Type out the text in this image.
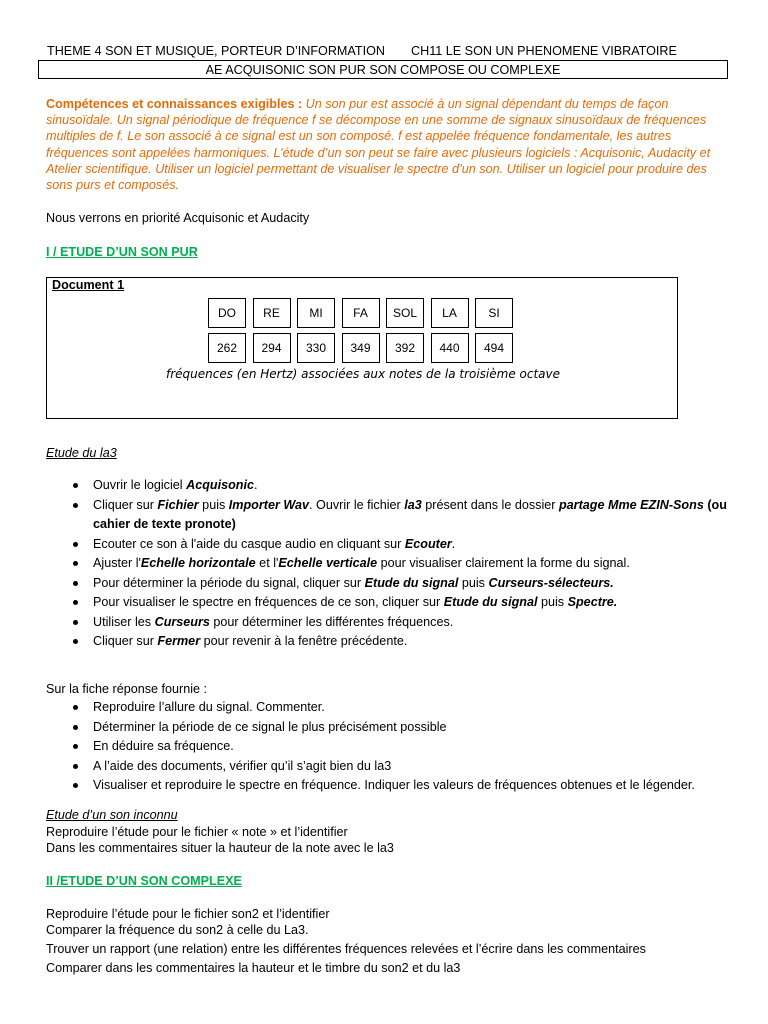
THEME 4 SON ET MUSIQUE, PORTEUR D’INFORMATION CH11 LE SON UN PHENOMENE VIBRATOIRE
AE ACQUISONIC SON PUR SON COMPOSE OU COMPLEXE
Compétences et connaissances exigibles : Un son pur est associé à un signal dépendant du temps de façon sinusoïdale. Un signal périodique de fréquence f se décompose en une somme de signaux sinusoïdaux de fréquences multiples de f. Le son associé à ce signal est un son composé. f est appelée fréquence fondamentale, les autres fréquences sont appelées harmoniques. L’étude d’un son peut se faire avec plusieurs logiciels : Acquisonic, Audacity et Atelier scientifique. Utiliser un logiciel permettant de visualiser le spectre d’un son. Utiliser un logiciel pour produire des sons purs et composés.
Nous verrons en priorité Acquisonic et Audacity
I / ETUDE D’UN SON PUR
Document 1
DO	RE	MI	FA	SOL	LA	SI
262	294	330	349	392	440	494
fréquences (en Hertz) associées aux notes de la troisième octave
Etude du la3
Ouvrir le logiciel Acquisonic.
Cliquer sur Fichier puis Importer Wav. Ouvrir le fichier la3 présent dans le dossier partage Mme EZIN-Sons (ou cahier de texte pronote)
Ecouter ce son à l'aide du casque audio en cliquant sur Ecouter.
Ajuster l'Echelle horizontale et l'Echelle verticale pour visualiser clairement la forme du signal.
Pour déterminer la période du signal, cliquer sur Etude du signal puis Curseurs-sélecteurs.
Pour visualiser le spectre en fréquences de ce son, cliquer sur Etude du signal puis Spectre.
Utiliser les Curseurs pour déterminer les différentes fréquences.
Cliquer sur Fermer pour revenir à la fenêtre précédente.
Sur la fiche réponse fournie :
Reproduire l’allure du signal. Commenter.
Déterminer la période de ce signal le plus précisément possible
En déduire sa fréquence.
A l’aide des documents, vérifier qu’il s’agit bien du la3
Visualiser et reproduire le spectre en fréquence. Indiquer les valeurs de fréquences obtenues et le légender.
Etude d’un son inconnu
Reproduire l’étude pour le fichier « note » et l’identifier
Dans les commentaires situer la hauteur de la note avec le la3
II /ETUDE D’UN SON COMPLEXE
Reproduire l’étude pour le fichier son2 et l’identifier
Comparer la fréquence du son2 à celle du La3.
Trouver un rapport (une relation) entre les différentes fréquences relevées et l’écrire dans les commentaires
Comparer dans les commentaires la hauteur et le timbre du son2 et du la3
